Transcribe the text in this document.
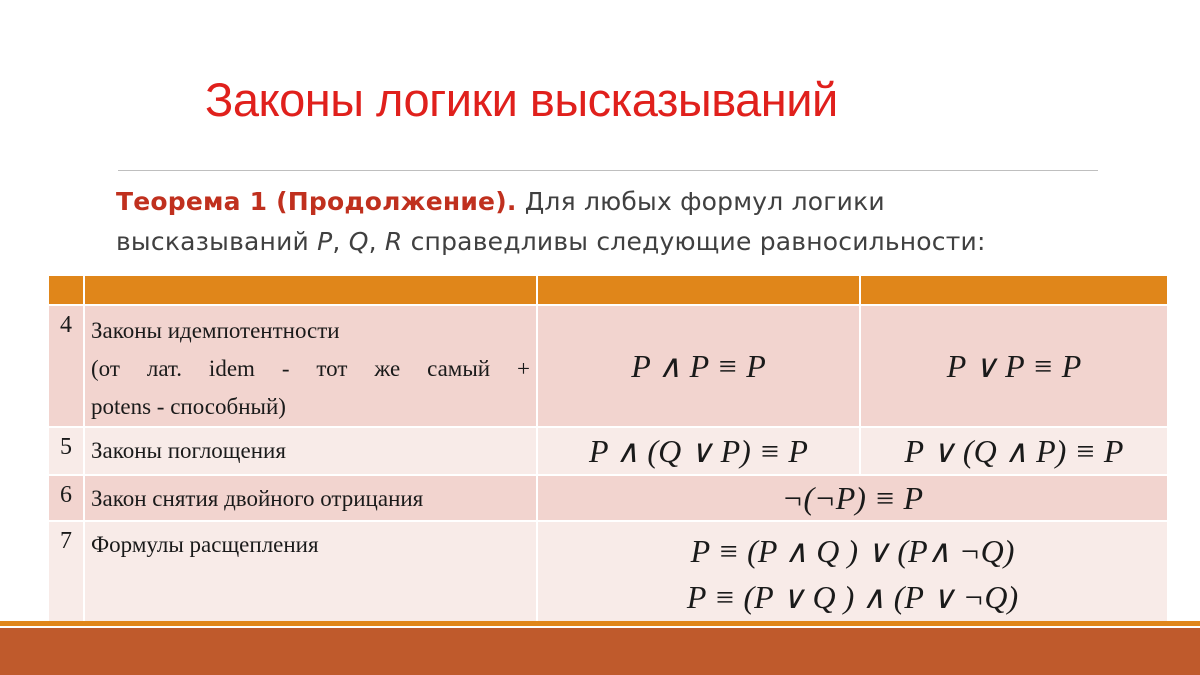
Законы логики высказываний
Теорема 1 (Продолжение). Для любых формул логики
высказываний P, Q, R справедливы следующие равносильности:

4	Законы идемпотентности
(от лат. idem - тот же самый +
potens - способный)	P ∧ P ≡ P	P ∨ P ≡ P
5	Законы поглощения	P ∧ (Q ∨ P) ≡ P	P ∨ (Q ∧ P) ≡ P
6	Закон снятия двойного отрицания	¬(¬P) ≡ P	
7	Формулы расщепления	P ≡ (P ∧ Q ) ∨ (P∧ ¬Q)
P ≡ (P ∨ Q ) ∧ (P ∨ ¬Q)	
